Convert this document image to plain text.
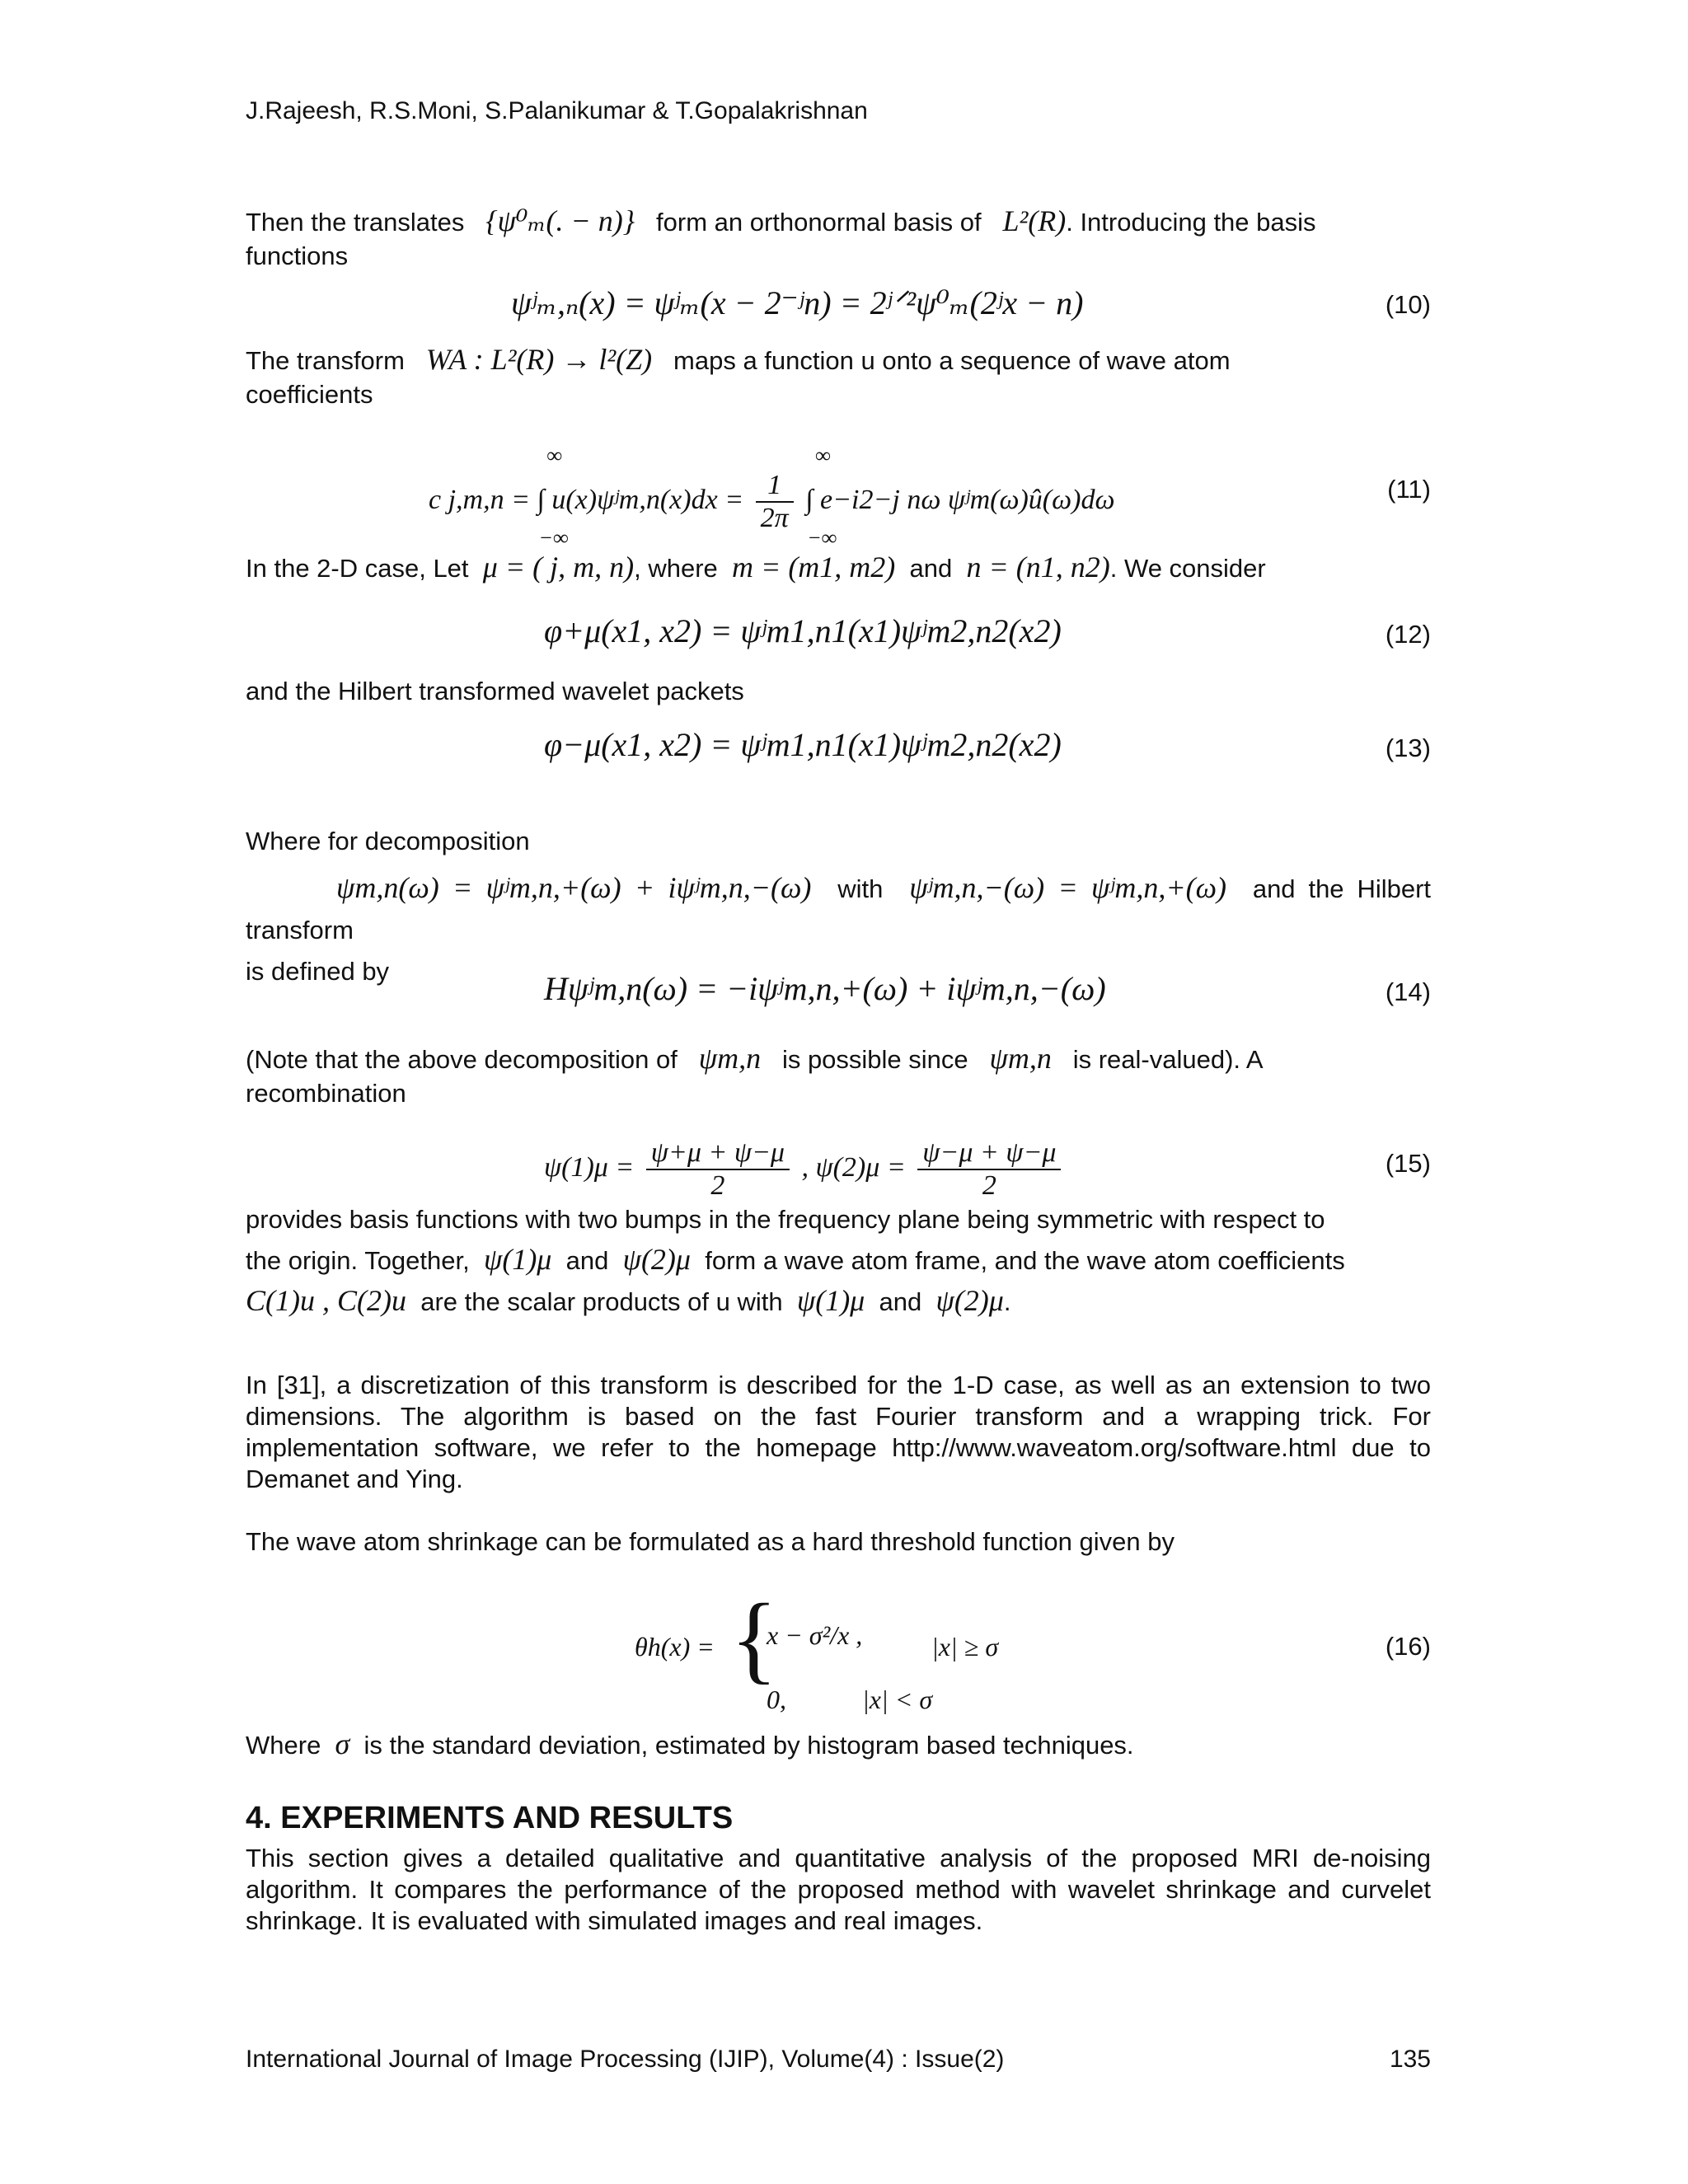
J.Rajeesh, R.S.Moni, S.Palanikumar & T.Gopalakrishnan
Then the translates {ψ⁰ₘ(. − n)} form an orthonormal basis of L²(R). Introducing the basis
functions
ψʲₘ,ₙ(x) = ψʲₘ(x − 2⁻ʲn) = 2ʲᐟ²ψ⁰ₘ(2ʲx − n)	(10)
The transform WA : L²(R) → l²(Z) maps a function u onto a sequence of wave atom
coefficients
c j,m,n =
∞
−∞
∫ u(x)ψʲm,n(x)dx = $\frac{1}{2\pi}$

∞
−∞
∫ e−i2−j nω ψʲm(ω)û(ω)dω	(11)
In the 2-D case, Let μ = ( j, m, n), where m = (m1, m2) and n = (n1, n2). We consider
φ+μ(x1, x2) = ψʲm1,n1(x1)ψʲm2,n2(x2)	(12)
and the Hilbert transformed wavelet packets
φ−μ(x1, x2) = ψʲm1,n1(x1)ψʲm2,n2(x2)	(13)
Where for decomposition
ψm,n(ω) = ψʲm,n,+(ω) + iψʲm,n,−(ω) with ψʲm,n,−(ω) = ψʲm,n,+(ω) and the Hilbert transform
is defined by	Hψʲm,n(ω) = −iψʲm,n,+(ω) + iψʲm,n,−(ω)	(14)
(Note that the above decomposition of ψm,n is possible since ψm,n is real-valued). A
recombination
$\psi(1)\mu = \frac{\psi+\mu + \psi-\mu}{2}$ , $\psi(2)\mu = \frac{\psi-\mu + \psi-\mu}{2}$	(15)
provides basis functions with two bumps in the frequency plane being symmetric with respect to
the origin. Together, ψ(1)μ and ψ(2)μ form a wave atom frame, and the wave atom coefficients
C(1)u , C(2)u are the scalar products of u with ψ(1)μ and ψ(2)μ.
In [31], a discretization of this transform is described for the 1-D case, as well as an extension to two dimensions. The algorithm is based on the fast Fourier transform and a wrapping trick. For implementation software, we refer to the homepage http://www.waveatom.org/software.html due to Demanet and Ying.
The wave atom shrinkage can be formulated as a hard threshold function given by
θh(x) = {
x − σ²/x ,	|x| ≥ σ
0,	|x| < σ
(16)
Where σ is the standard deviation, estimated by histogram based techniques.
4. EXPERIMENTS AND RESULTS
This section gives a detailed qualitative and quantitative analysis of the proposed MRI de-noising algorithm. It compares the performance of the proposed method with wavelet shrinkage and curvelet shrinkage. It is evaluated with simulated images and real images.
International Journal of Image Processing (IJIP), Volume(4) : Issue(2)	135
